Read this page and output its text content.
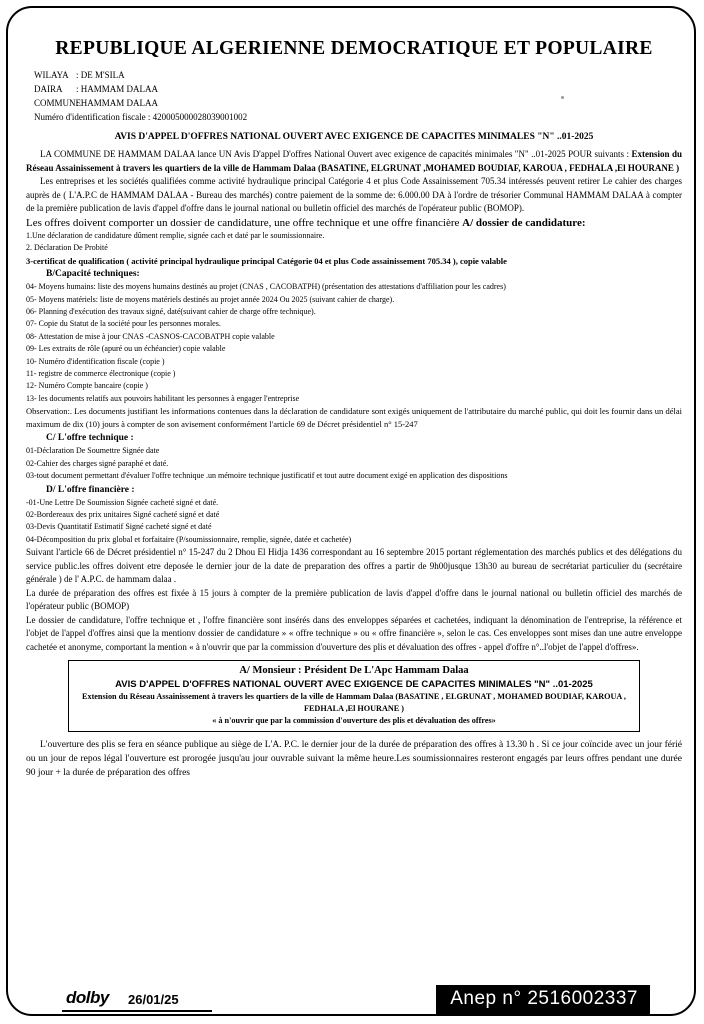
REPUBLIQUE ALGERIENNE DEMOCRATIQUE ET POPULAIRE
WILAYA : DE M'SILA
DAIRA : HAMMAM DALAA
COMMUNE: HAMMAM DALAA
Numéro d'identification fiscale : 420005000028039001002
AVIS D'APPEL D'OFFRES NATIONAL OUVERT AVEC EXIGENCE DE CAPACITES MINIMALES "N" ..01-2025

LA COMMUNE DE HAMMAM DALAA lance UN Avis D'appel D'offres National Ouvert avec exigence de capacités minimales "N" ..01-2025 POUR suivants : Extension du Réseau Assainissement à travers les quartiers de la ville de Hammam Dalaa (BASATINE, ELGRUNAT ,MOHAMED BOUDIAF, KAROUA , FEDHALA ,El HOURANE )

Les entreprises et les sociétés qualifiées comme activité hydraulique principal Catégorie 4 et plus Code Assainissement 705.34 intéressés peuvent retirer Le cahier des charges auprès de ( L'A.P.C de HAMMAM DALAA - Bureau des marchés) contre paiement de la somme de: 6.000.00 DA à l'ordre de trésorier Communal HAMMAM DALAA à compter de la première publication de lavis d'appel d'offre dans le journal national ou bulletin officiel des marchés de l'opérateur public (BOMOP).

Les offres doivent comporter un dossier de candidature, une offre technique et une offre financière A/ dossier de candidature:

1.Une déclaration de candidature dûment remplie, signée cach et daté par le soumissionnaire.
2. Déclaration De Probité
3-certificat de qualification ( activité principal hydraulique principal Catégorie 04 et plus Code assainissement 705.34 ), copie valable
B/Capacité techniques:
04- Moyens humains: liste des moyens humains destinés au projet (CNAS , CACOBATPH) (présentation des attestations d'affiliation pour les cadres)
05- Moyens matériels: liste de moyens matériels destinés au projet année 2024 Ou 2025 (suivant cahier de charge).
06- Planning d'exécution des travaux signé, daté(suivant cahier de charge offre technique).
07- Copie du Statut de la société pour les personnes morales.
08- Attestation de mise à jour CNAS -CASNOS-CACOBATPH copie valable
09- Les extraits de rôle (apuré ou un échéancier) copie valable
10- Numéro d'identification fiscale (copie )
11- registre de commerce électronique (copie )
12- Numéro Compte bancaire (copie )
13- les documents relatifs aux pouvoirs habilitant les personnes à engager l'entreprise

Observation:. Les documents justifiant les informations contenues dans la déclaration de candidature sont exigés uniquement de l'attributaire du marché public, qui doit les fournir dans un délai maximum de dix (10) jours à compter de son avisement conformément l'article 69 de Décret présidentiel n° 15-247

C/ L'offre technique :
01-Déclaration De Soumettre Signée date
02-Cahier des charges signé paraphé et daté.
03-tout document permettant d'évaluer l'offre technique .un mémoire technique justificatif et tout autre document exigé en application des dispositions
D/ L'offre financière :
-01-Une Lettre De Soumission Signée cacheté signé et daté.
02-Bordereaux des prix unitaires Signé cacheté signé et daté
03-Devis Quantitatif Estimatif Signé cacheté signé et daté
04-Décomposition du prix global et forfaitaire (P/soumissionnaire, remplie, signée, datée et cachetée)

Suivant l'article 66 de Décret présidentiel n° 15-247 du 2 Dhou El Hidja 1436 correspondant au 16 septembre 2015 portant réglementation des marchés publics et des délégations du service public.les offres doivent etre deposée le dernier jour de la date de preparation des offres a partir de 9h00jusque 13h30 au bureau de secrétariat particulier du (secrétaire générale ) de l' A.P.C. de hammam dalaa .

La durée de préparation des offres est fixée à 15 jours à compter de la première publication de lavis d'appel d'offre dans le journal national ou bulletin officiel des marchés de l'opérateur public (BOMOP)

Le dossier de candidature, l'offre technique et , l'offre financière sont insérés dans des enveloppes séparées et cachetées, indiquant la dénomination de l'entreprise, la référence et l'objet de l'appel d'offres ainsi que la mentionv dossier de candidature » « offre technique » ou « offre financière », selon le cas. Ces enveloppes sont mises dan une autre enveloppe cachetée et anonyme, comportant la mention « à n'ouvrir que par la commission d'ouverture des plis et dévaluation des offres - appel d'offre n°..l'objet de l'appel d'offres».

A/ Monsieur : Président De L'Apc Hammam Dalaa
AVIS D'APPEL D'OFFRES NATIONAL OUVERT AVEC EXIGENCE DE CAPACITES MINIMALES "N" ..01-2025
Extension du Réseau Assainissement à travers les quartiers de la ville de Hammam Dalaa (BASATINE , ELGRUNAT , MOHAMED BOUDIAF, KAROUA , FEDHALA ,El HOURANE )
« à n'ouvrir que par la commission d'ouverture des plis et dévaluation des offres»

L'ouverture des plis se fera en séance publique au siège de L'A. P.C. le dernier jour de la durée de préparation des offres à 13.30 h . Si ce jour coïncide avec un jour férié ou un jour de repos légal l'ouverture est prorogée jusqu'au jour ouvrable suivant la même heure.Les soumissionnaires resteront engagés par leurs offres pendant une durée 90 jour + la durée de préparation des offres

dolby 26/01/25	Anep n° 2516002337
